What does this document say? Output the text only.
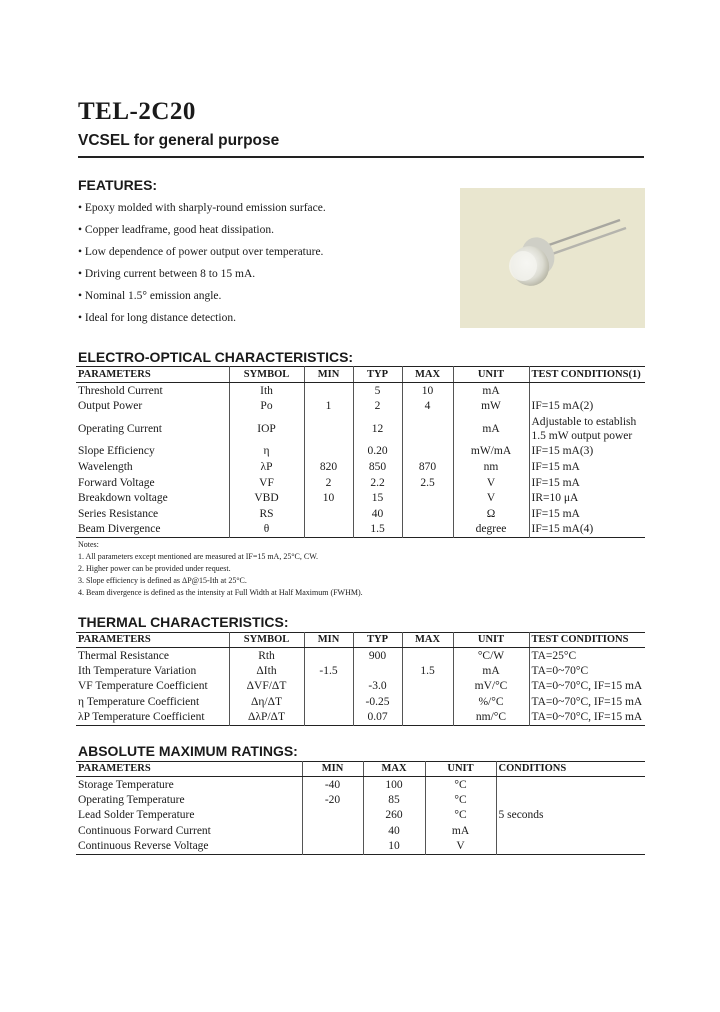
TEL-2C20
VCSEL for general purpose
FEATURES:
• Epoxy molded with sharply-round emission surface.
• Copper leadframe, good heat dissipation.
• Low dependence of power output over temperature.
• Driving current between 8 to 15 mA.
• Nominal 1.5° emission angle.
• Ideal for long distance detection.
ELECTRO-OPTICAL CHARACTERISTICS:
PARAMETERS	SYMBOL	MIN	TYP	MAX	UNIT	TEST CONDITIONS(1)
Threshold Current	Ith		5	10	mA	
Output Power	Po	1	2	4	mW	IF=15 mA(2)
Operating Current	IOP		12		mA	Adjustable to establish 1.5 mW output power
Slope Efficiency	η		0.20		mW/mA	IF=15 mA(3)
Wavelength	λP	820	850	870	nm	IF=15 mA
Forward Voltage	VF	2	2.2	2.5	V	IF=15 mA
Breakdown voltage	VBD	10	15		V	IR=10 μA
Series Resistance	RS		40		Ω	IF=15 mA
Beam Divergence	θ		1.5		degree	IF=15 mA(4)
Notes:
1. All parameters except mentioned are measured at IF=15 mA, 25°C, CW.
2. Higher power can be provided under request.
3. Slope efficiency is defined as ΔP@15-Ith at 25°C.
4. Beam divergence is defined as the intensity at Full Width at Half Maximum (FWHM).
THERMAL CHARACTERISTICS:
PARAMETERS	SYMBOL	MIN	TYP	MAX	UNIT	TEST CONDITIONS
Thermal Resistance	Rth		900		°C/W	TA=25°C
Ith Temperature Variation	ΔIth	-1.5		1.5	mA	TA=0~70°C
VF Temperature Coefficient	ΔVF/ΔT		-3.0		mV/°C	TA=0~70°C, IF=15 mA
η Temperature Coefficient	Δη/ΔT		-0.25		%/°C	TA=0~70°C, IF=15 mA
λP Temperature Coefficient	ΔλP/ΔT		0.07		nm/°C	TA=0~70°C, IF=15 mA
ABSOLUTE MAXIMUM RATINGS:
PARAMETERS	MIN	MAX	UNIT	CONDITIONS
Storage Temperature	-40	100	°C	
Operating Temperature	-20	85	°C	
Lead Solder Temperature		260	°C	5 seconds
Continuous Forward Current		40	mA	
Continuous Reverse Voltage		10	V	
